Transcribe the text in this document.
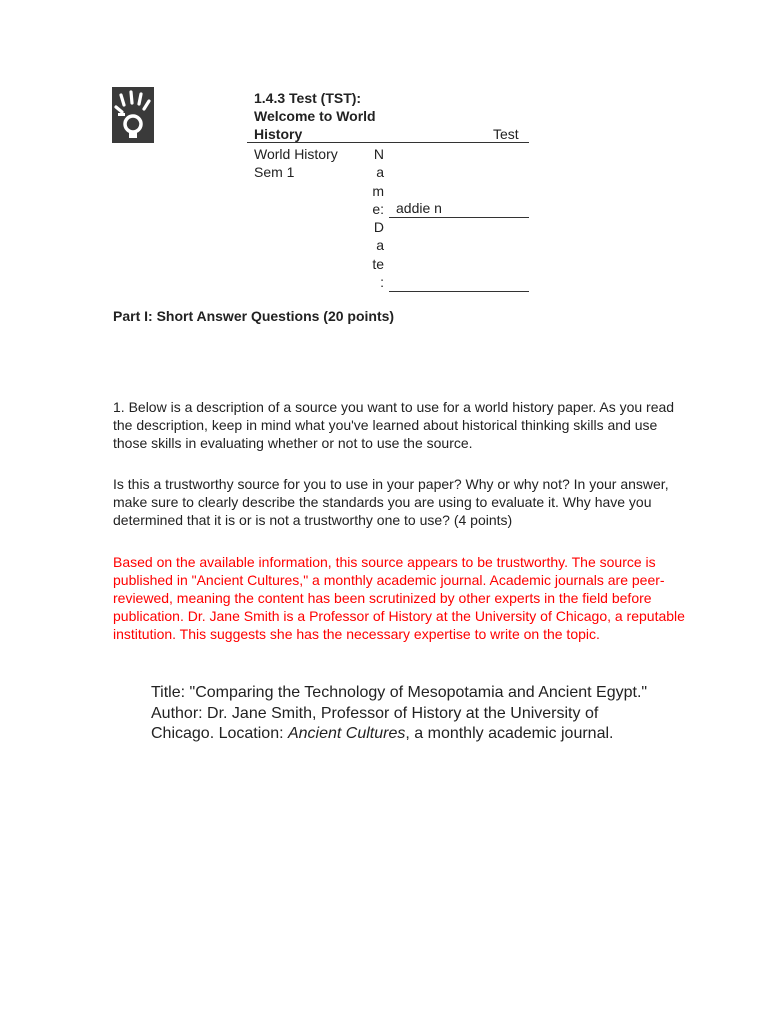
1.4.3 Test (TST): Welcome to World History	Test
World History
Sem 1
N
a
m
e: addie n
D
a
te
:
Part I: Short Answer Questions (20 points)

1. Below is a description of a source you want to use for a world history paper. As you read the description, keep in mind what you've learned about historical thinking skills and use those skills in evaluating whether or not to use the source.

Is this a trustworthy source for you to use in your paper? Why or why not? In your answer, make sure to clearly describe the standards you are using to evaluate it. Why have you determined that it is or is not a trustworthy one to use? (4 points)

Based on the available information, this source appears to be trustworthy. The source is published in "Ancient Cultures," a monthly academic journal. Academic journals are peer-reviewed, meaning the content has been scrutinized by other experts in the field before publication. Dr. Jane Smith is a Professor of History at the University of Chicago, a reputable institution. This suggests she has the necessary expertise to write on the topic.

Title: "Comparing the Technology of Mesopotamia and Ancient Egypt." Author: Dr. Jane Smith, Professor of History at the University of Chicago. Location: Ancient Cultures, a monthly academic journal.
